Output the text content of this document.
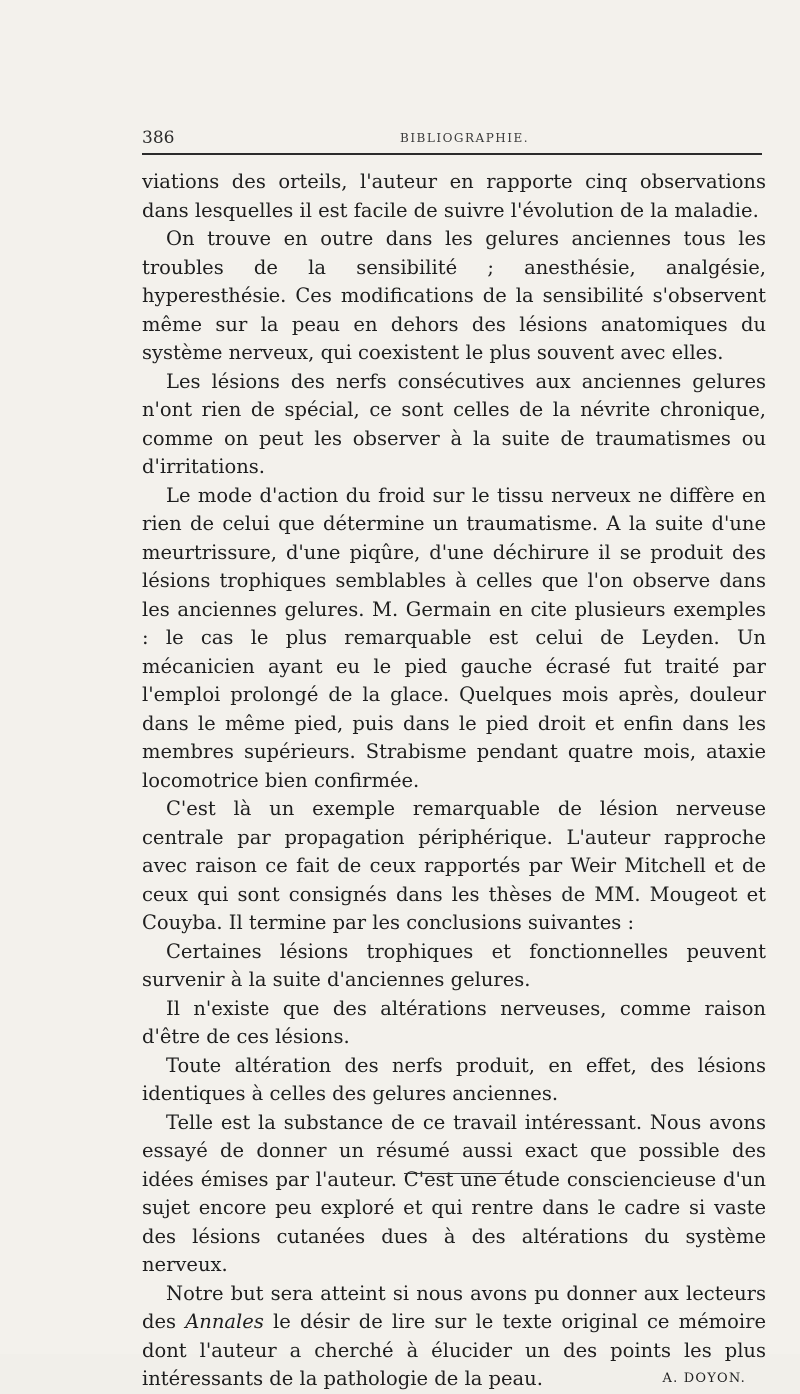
386	BIBLIOGRAPHIE.

viations des orteils, l'auteur en rapporte cinq observations dans lesquelles il est facile de suivre l'évolution de la maladie.

On trouve en outre dans les gelures anciennes tous les troubles de la sensibilité ; anesthésie, analgésie, hyperesthésie. Ces modifications de la sensibilité s'observent même sur la peau en dehors des lésions anatomiques du système nerveux, qui coexistent le plus souvent avec elles.

Les lésions des nerfs consécutives aux anciennes gelures n'ont rien de spécial, ce sont celles de la névrite chronique, comme on peut les observer à la suite de traumatismes ou d'irritations.

Le mode d'action du froid sur le tissu nerveux ne diffère en rien de celui que détermine un traumatisme. A la suite d'une meurtrissure, d'une piqûre, d'une déchirure il se produit des lésions trophiques semblables à celles que l'on observe dans les anciennes gelures. M. Germain en cite plusieurs exemples : le cas le plus remarquable est celui de Leyden. Un mécanicien ayant eu le pied gauche écrasé fut traité par l'emploi prolongé de la glace. Quelques mois après, douleur dans le même pied, puis dans le pied droit et enfin dans les membres supérieurs. Strabisme pendant quatre mois, ataxie locomotrice bien confirmée.

C'est là un exemple remarquable de lésion nerveuse centrale par propagation périphérique. L'auteur rapproche avec raison ce fait de ceux rapportés par Weir Mitchell et de ceux qui sont consignés dans les thèses de MM. Mougeot et Couyba. Il termine par les conclusions suivantes :

Certaines lésions trophiques et fonctionnelles peuvent survenir à la suite d'anciennes gelures.

Il n'existe que des altérations nerveuses, comme raison d'être de ces lésions.

Toute altération des nerfs produit, en effet, des lésions identiques à celles des gelures anciennes.

Telle est la substance de ce travail intéressant. Nous avons essayé de donner un résumé aussi exact que possible des idées émises par l'auteur. C'est une étude consciencieuse d'un sujet encore peu exploré et qui rentre dans le cadre si vaste des lésions cutanées dues à des altérations du système nerveux.

Notre but sera atteint si nous avons pu donner aux lecteurs des Annales le désir de lire sur le texte original ce mémoire dont l'auteur a cherché à élucider un des points les plus intéressants de la pathologie de la peau.	A. DOYON.
